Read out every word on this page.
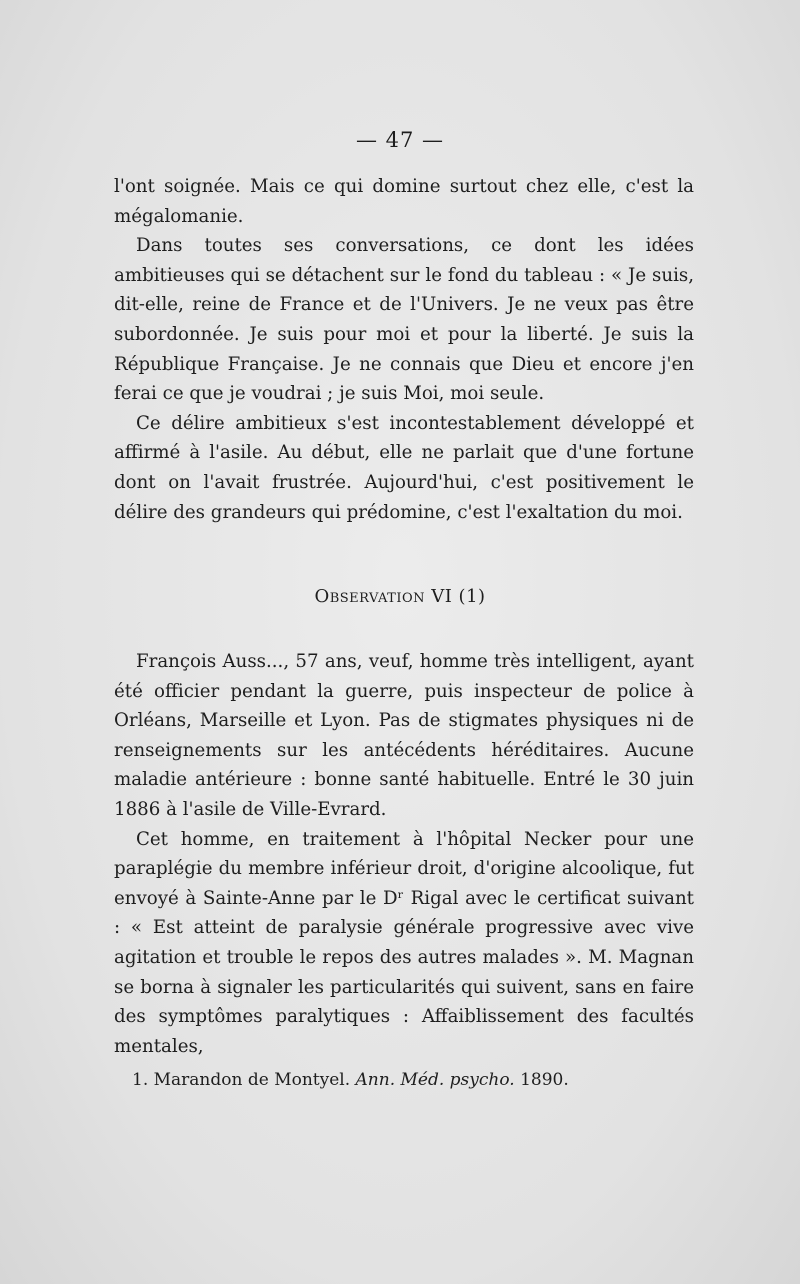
— 47 —

l'ont soignée. Mais ce qui domine surtout chez elle, c'est la mégalomanie.

Dans toutes ses conversations, ce dont les idées ambitieuses qui se détachent sur le fond du tableau : « Je suis, dit-elle, reine de France et de l'Univers. Je ne veux pas être subordonnée. Je suis pour moi et pour la liberté. Je suis la République Française. Je ne connais que Dieu et encore j'en ferai ce que je voudrai ; je suis Moi, moi seule.

Ce délire ambitieux s'est incontestablement développé et affirmé à l'asile. Au début, elle ne parlait que d'une fortune dont on l'avait frustrée. Aujourd'hui, c'est positivement le délire des grandeurs qui prédomine, c'est l'exaltation du moi.

Observation VI (1)

François Auss..., 57 ans, veuf, homme très intelligent, ayant été officier pendant la guerre, puis inspecteur de police à Orléans, Marseille et Lyon. Pas de stigmates physiques ni de renseignements sur les antécédents héréditaires. Aucune maladie antérieure : bonne santé habituelle. Entré le 30 juin 1886 à l'asile de Ville-Evrard.

Cet homme, en traitement à l'hôpital Necker pour une paraplégie du membre inférieur droit, d'origine alcoolique, fut envoyé à Sainte-Anne par le Dʳ Rigal avec le certificat suivant : « Est atteint de paralysie générale progressive avec vive agitation et trouble le repos des autres malades ». M. Magnan se borna à signaler les particularités qui suivent, sans en faire des symptômes paralytiques : Affaiblissement des facultés mentales,

1. Marandon de Montyel. Ann. Méd. psycho. 1890.
